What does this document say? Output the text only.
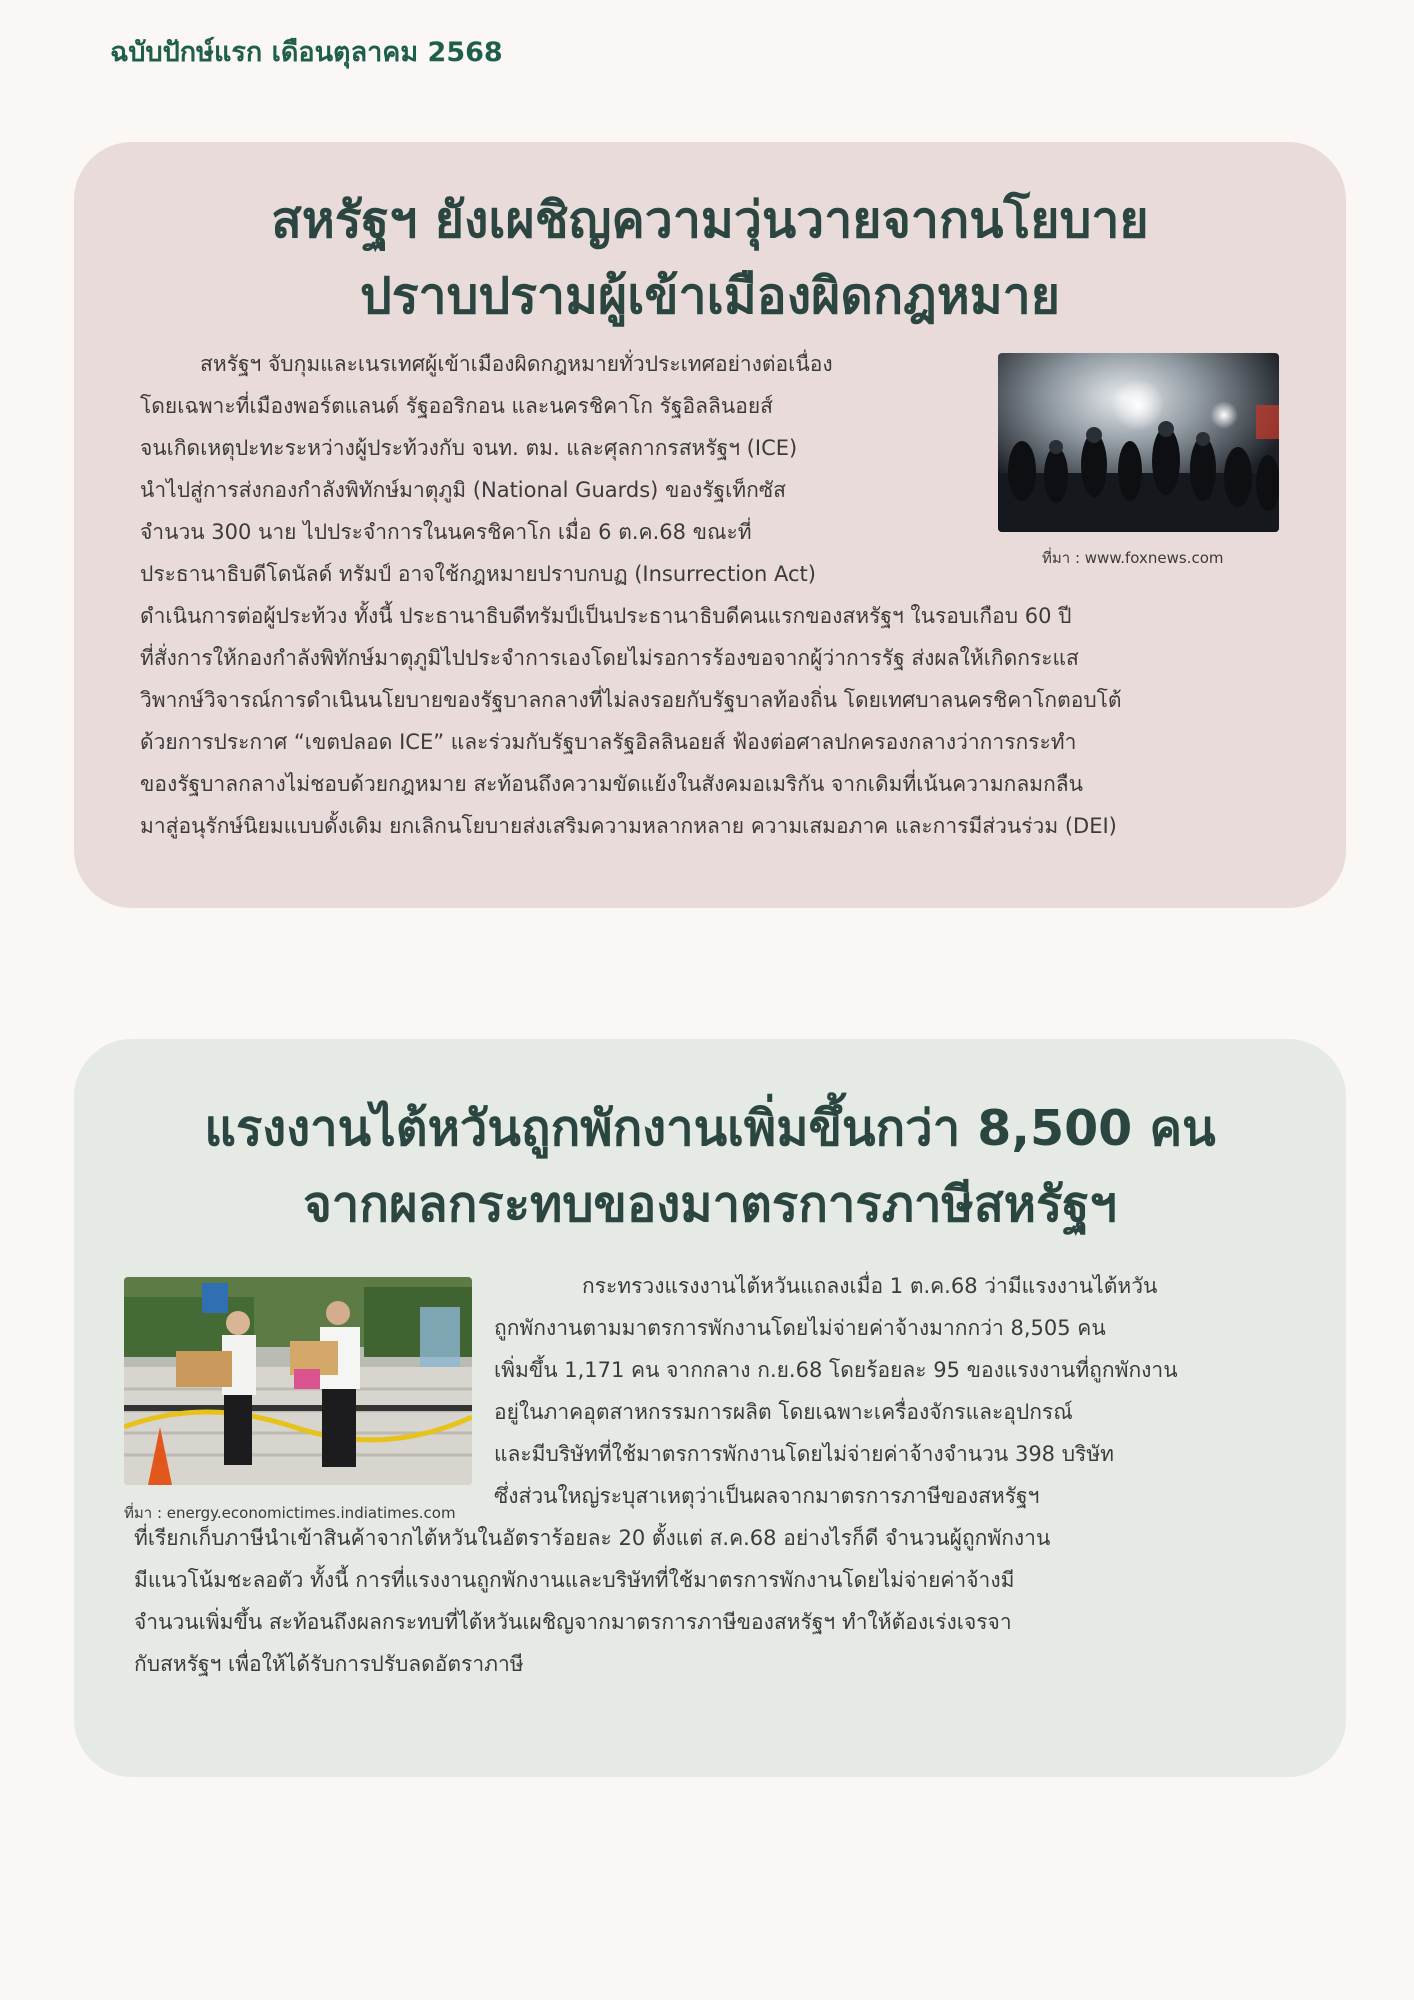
ฉบับปักษ์แรก เดือนตุลาคม 2568
สหรัฐฯ ยังเผชิญความวุ่นวายจากนโยบาย
ปราบปรามผู้เข้าเมืองผิดกฎหมาย

ที่มา : www.foxnews.com

สหรัฐฯ จับกุมและเนรเทศผู้เข้าเมืองผิดกฎหมายทั่วประเทศอย่างต่อเนื่อง
โดยเฉพาะที่เมืองพอร์ตแลนด์ รัฐออริกอน และนครชิคาโก รัฐอิลลินอยส์
จนเกิดเหตุปะทะระหว่างผู้ประท้วงกับ จนท. ตม. และศุลกากรสหรัฐฯ (ICE)
นำไปสู่การส่งกองกำลังพิทักษ์มาตุภูมิ (National Guards) ของรัฐเท็กซัส
จำนวน 300 นาย ไปประจำการในนครชิคาโก เมื่อ 6 ต.ค.68 ขณะที่
ประธานาธิบดีโดนัลด์ ทรัมป์ อาจใช้กฎหมายปราบกบฏ (Insurrection Act)
ดำเนินการต่อผู้ประท้วง ทั้งนี้ ประธานาธิบดีทรัมป์เป็นประธานาธิบดีคนแรกของสหรัฐฯ ในรอบเกือบ 60 ปี
ที่สั่งการให้กองกำลังพิทักษ์มาตุภูมิไปประจำการเองโดยไม่รอการร้องขอจากผู้ว่าการรัฐ ส่งผลให้เกิดกระแส
วิพากษ์วิจารณ์การดำเนินนโยบายของรัฐบาลกลางที่ไม่ลงรอยกับรัฐบาลท้องถิ่น โดยเทศบาลนครชิคาโกตอบโต้
ด้วยการประกาศ “เขตปลอด ICE” และร่วมกับรัฐบาลรัฐอิลลินอยส์ ฟ้องต่อศาลปกครองกลางว่าการกระทำ
ของรัฐบาลกลางไม่ชอบด้วยกฎหมาย สะท้อนถึงความขัดแย้งในสังคมอเมริกัน จากเดิมที่เน้นความกลมกลืน
มาสู่อนุรักษ์นิยมแบบดั้งเดิม ยกเลิกนโยบายส่งเสริมความหลากหลาย ความเสมอภาค และการมีส่วนร่วม (DEI)
แรงงานไต้หวันถูกพักงานเพิ่มขึ้นกว่า 8,500 คน
จากผลกระทบของมาตรการภาษีสหรัฐฯ

ที่มา : energy.economictimes.indiatimes.com

กระทรวงแรงงานไต้หวันแถลงเมื่อ 1 ต.ค.68 ว่ามีแรงงานไต้หวัน
ถูกพักงานตามมาตรการพักงานโดยไม่จ่ายค่าจ้างมากกว่า 8,505 คน
เพิ่มขึ้น 1,171 คน จากกลาง ก.ย.68 โดยร้อยละ 95 ของแรงงานที่ถูกพักงาน
อยู่ในภาคอุตสาหกรรมการผลิต โดยเฉพาะเครื่องจักรและอุปกรณ์
และมีบริษัทที่ใช้มาตรการพักงานโดยไม่จ่ายค่าจ้างจำนวน 398 บริษัท
ซึ่งส่วนใหญ่ระบุสาเหตุว่าเป็นผลจากมาตรการภาษีของสหรัฐฯ
ที่เรียกเก็บภาษีนำเข้าสินค้าจากไต้หวันในอัตราร้อยละ 20 ตั้งแต่ ส.ค.68 อย่างไรก็ดี จำนวนผู้ถูกพักงาน
มีแนวโน้มชะลอตัว ทั้งนี้ การที่แรงงานถูกพักงานและบริษัทที่ใช้มาตรการพักงานโดยไม่จ่ายค่าจ้างมี
จำนวนเพิ่มขึ้น สะท้อนถึงผลกระทบที่ไต้หวันเผชิญจากมาตรการภาษีของสหรัฐฯ ทำให้ต้องเร่งเจรจา
กับสหรัฐฯ เพื่อให้ได้รับการปรับลดอัตราภาษี
